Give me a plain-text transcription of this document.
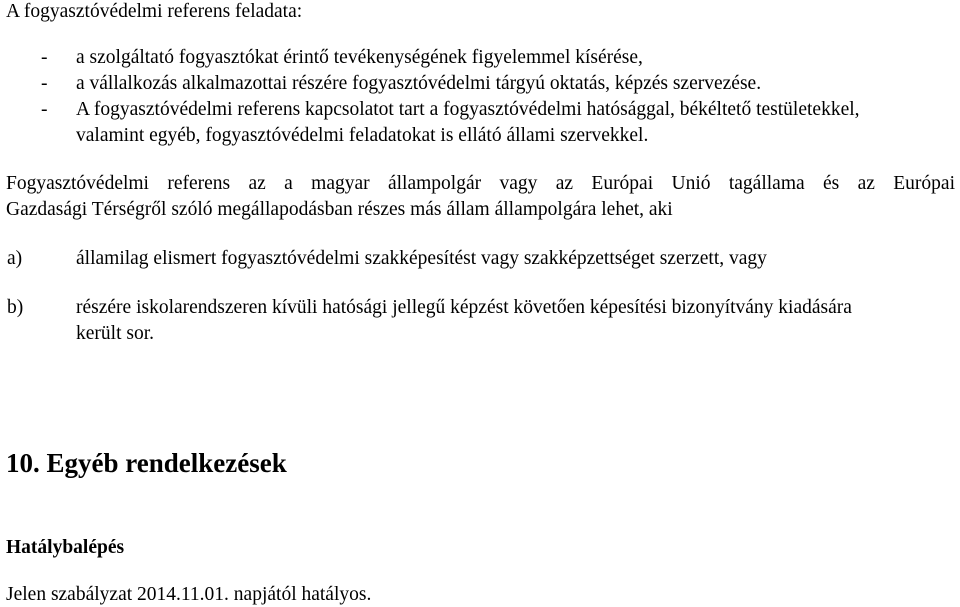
A fogyasztóvédelmi referens feladata:
- a szolgáltató fogyasztókat érintő tevékenységének figyelemmel kísérése,
- a vállalkozás alkalmazottai részére fogyasztóvédelmi tárgyú oktatás, képzés szervezése.
- A fogyasztóvédelmi referens kapcsolatot tart a fogyasztóvédelmi hatósággal, békéltető testületekkel,
valamint egyéb, fogyasztóvédelmi feladatokat is ellátó állami szervekkel.
Fogyasztóvédelmi referens az a magyar állampolgár vagy az Európai Unió tagállama és az Európai
Gazdasági Térségről szóló megállapodásban részes más állam állampolgára lehet, aki
a)	államilag elismert fogyasztóvédelmi szakképesítést vagy szakképzettséget szerzett, vagy
b)	részére iskolarendszeren kívüli hatósági jellegű képzést követően képesítési bizonyítvány kiadására
került sor.
10. Egyéb rendelkezések
Hatálybalépés
Jelen szabályzat 2014.11.01. napjától hatályos.
